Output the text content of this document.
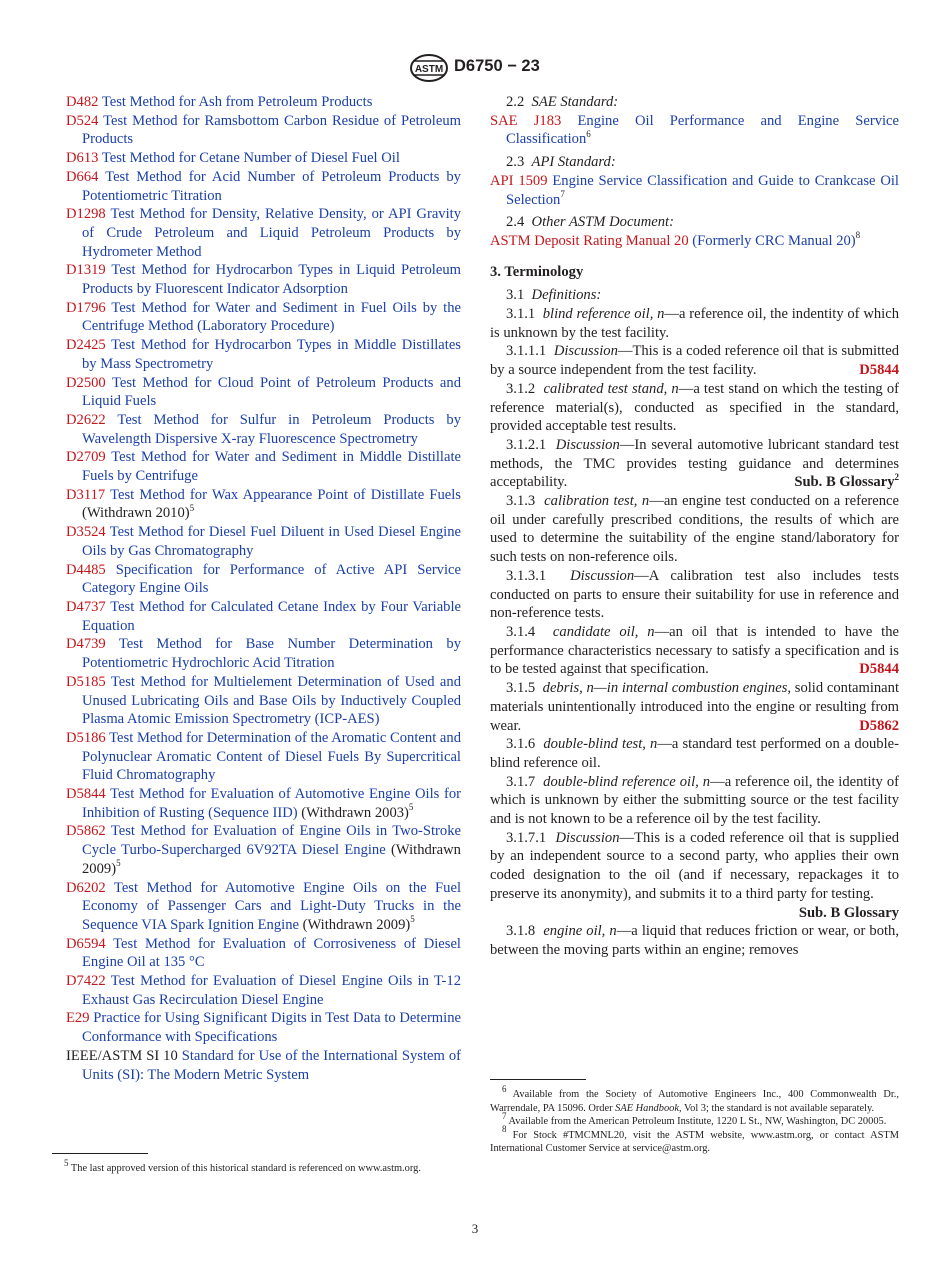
ASTM D6750 − 23
D482 Test Method for Ash from Petroleum Products
D524 Test Method for Ramsbottom Carbon Residue of Petroleum Products
D613 Test Method for Cetane Number of Diesel Fuel Oil
D664 Test Method for Acid Number of Petroleum Products by Potentiometric Titration
D1298 Test Method for Density, Relative Density, or API Gravity of Crude Petroleum and Liquid Petroleum Products by Hydrometer Method
D1319 Test Method for Hydrocarbon Types in Liquid Petroleum Products by Fluorescent Indicator Adsorption
D1796 Test Method for Water and Sediment in Fuel Oils by the Centrifuge Method (Laboratory Procedure)
D2425 Test Method for Hydrocarbon Types in Middle Distillates by Mass Spectrometry
D2500 Test Method for Cloud Point of Petroleum Products and Liquid Fuels
D2622 Test Method for Sulfur in Petroleum Products by Wavelength Dispersive X-ray Fluorescence Spectrometry
D2709 Test Method for Water and Sediment in Middle Distillate Fuels by Centrifuge
D3117 Test Method for Wax Appearance Point of Distillate Fuels (Withdrawn 2010)$^5$
D3524 Test Method for Diesel Fuel Diluent in Used Diesel Engine Oils by Gas Chromatography
D4485 Specification for Performance of Active API Service Category Engine Oils
D4737 Test Method for Calculated Cetane Index by Four Variable Equation
D4739 Test Method for Base Number Determination by Potentiometric Hydrochloric Acid Titration
D5185 Test Method for Multielement Determination of Used and Unused Lubricating Oils and Base Oils by Inductively Coupled Plasma Atomic Emission Spectrometry (ICP-AES)
D5186 Test Method for Determination of the Aromatic Content and Polynuclear Aromatic Content of Diesel Fuels By Supercritical Fluid Chromatography
D5844 Test Method for Evaluation of Automotive Engine Oils for Inhibition of Rusting (Sequence IID) (Withdrawn 2003)$^5$
D5862 Test Method for Evaluation of Engine Oils in Two-Stroke Cycle Turbo-Supercharged 6V92TA Diesel Engine (Withdrawn 2009)$^5$
D6202 Test Method for Automotive Engine Oils on the Fuel Economy of Passenger Cars and Light-Duty Trucks in the Sequence VIA Spark Ignition Engine (Withdrawn 2009)$^5$
D6594 Test Method for Evaluation of Corrosiveness of Diesel Engine Oil at 135 °C
D7422 Test Method for Evaluation of Diesel Engine Oils in T-12 Exhaust Gas Recirculation Diesel Engine
E29 Practice for Using Significant Digits in Test Data to Determine Conformance with Specifications
IEEE/ASTM SI 10 Standard for Use of the International System of Units (SI): The Modern Metric System
2.2 SAE Standard:
SAE J183 Engine Oil Performance and Engine Service Classification$^6$
2.3 API Standard:
API 1509 Engine Service Classification and Guide to Crankcase Oil Selection$^7$
2.4 Other ASTM Document:
ASTM Deposit Rating Manual 20 (Formerly CRC Manual 20)$^8$
3. Terminology
3.1 Definitions:
3.1.1 blind reference oil, n—a reference oil, the indentity of which is unknown by the test facility.
3.1.1.1 Discussion—This is a coded reference oil that is submitted by a source independent from the test facility.	D5844
3.1.2 calibrated test stand, n—a test stand on which the testing of reference material(s), conducted as specified in the standard, provided acceptable test results.
3.1.2.1 Discussion—In several automotive lubricant standard test methods, the TMC provides testing guidance and determines acceptability.	Sub. B Glossary$^2$
3.1.3 calibration test, n—an engine test conducted on a reference oil under carefully prescribed conditions, the results of which are used to determine the suitability of the engine stand/laboratory for such tests on non-reference oils.
3.1.3.1 Discussion—A calibration test also includes tests conducted on parts to ensure their suitability for use in reference and non-reference tests.
3.1.4 candidate oil, n—an oil that is intended to have the performance characteristics necessary to satisfy a specification and is to be tested against that specification.	D5844
3.1.5 debris, n—in internal combustion engines, solid contaminant materials unintentionally introduced into the engine or resulting from wear.	D5862
3.1.6 double-blind test, n—a standard test performed on a double-blind reference oil.
3.1.7 double-blind reference oil, n—a reference oil, the identity of which is unknown by either the submitting source or the test facility and is not known to be a reference oil by the test facility.
3.1.7.1 Discussion—This is a coded reference oil that is supplied by an independent source to a second party, who applies their own coded designation to the oil (and if necessary, repackages it to preserve its anonymity), and submits it to a third party for testing.
Sub. B Glossary
3.1.8 engine oil, n—a liquid that reduces friction or wear, or both, between the moving parts within an engine; removes
$^5$ The last approved version of this historical standard is referenced on www.astm.org.
$^6$ Available from the Society of Automotive Engineers Inc., 400 Commonwealth Dr., Warrendale, PA 15096. Order SAE Handbook, Vol 3; the standard is not available separately.
$^7$ Available from the American Petroleum Institute, 1220 L St., NW, Washington, DC 20005.
$^8$ For Stock #TMCMNL20, visit the ASTM website, www.astm.org, or contact ASTM International Customer Service at service@astm.org.
3
